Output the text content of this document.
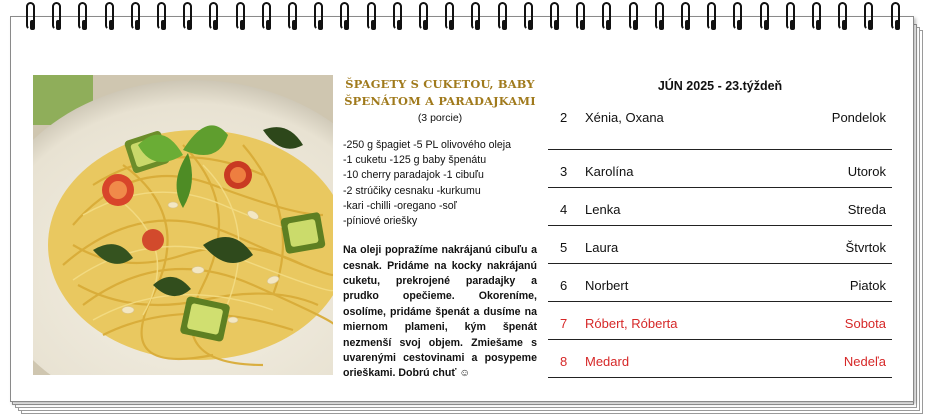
ŠPAGETY S CUKETOU, BABY ŠPENÁTOM A PARADAJKAMI
(3 porcie)
-250 g špagiet -5 PL olivového oleja
-1 cuketu -125 g baby špenátu
-10 cherry paradajok -1 cibuľu
-2 strúčiky cesnaku -kurkumu
-kari -chilli -oregano -soľ
-píniové oriešky
Na oleji popražíme nakrájanú cibuľu a cesnak. Pridáme na kocky nakrájanú cuketu, prekrojené paradajky a prudko opečieme. Okoreníme, osolíme, pridáme špenát a dusíme na miernom plameni, kým špenát nezmenší svoj objem. Zmiešame s uvarenými cestovinami a posypeme orieškami. Dobrú chuť ☺
JÚN 2025 - 23.týždeň
2 Xénia, Oxana	Pondelok
3 Karolína	Utorok
4 Lenka	Streda
5 Laura	Štvrtok
6 Norbert	Piatok
7 Róbert, Róberta	Sobota
8 Medard	Nedeľa
